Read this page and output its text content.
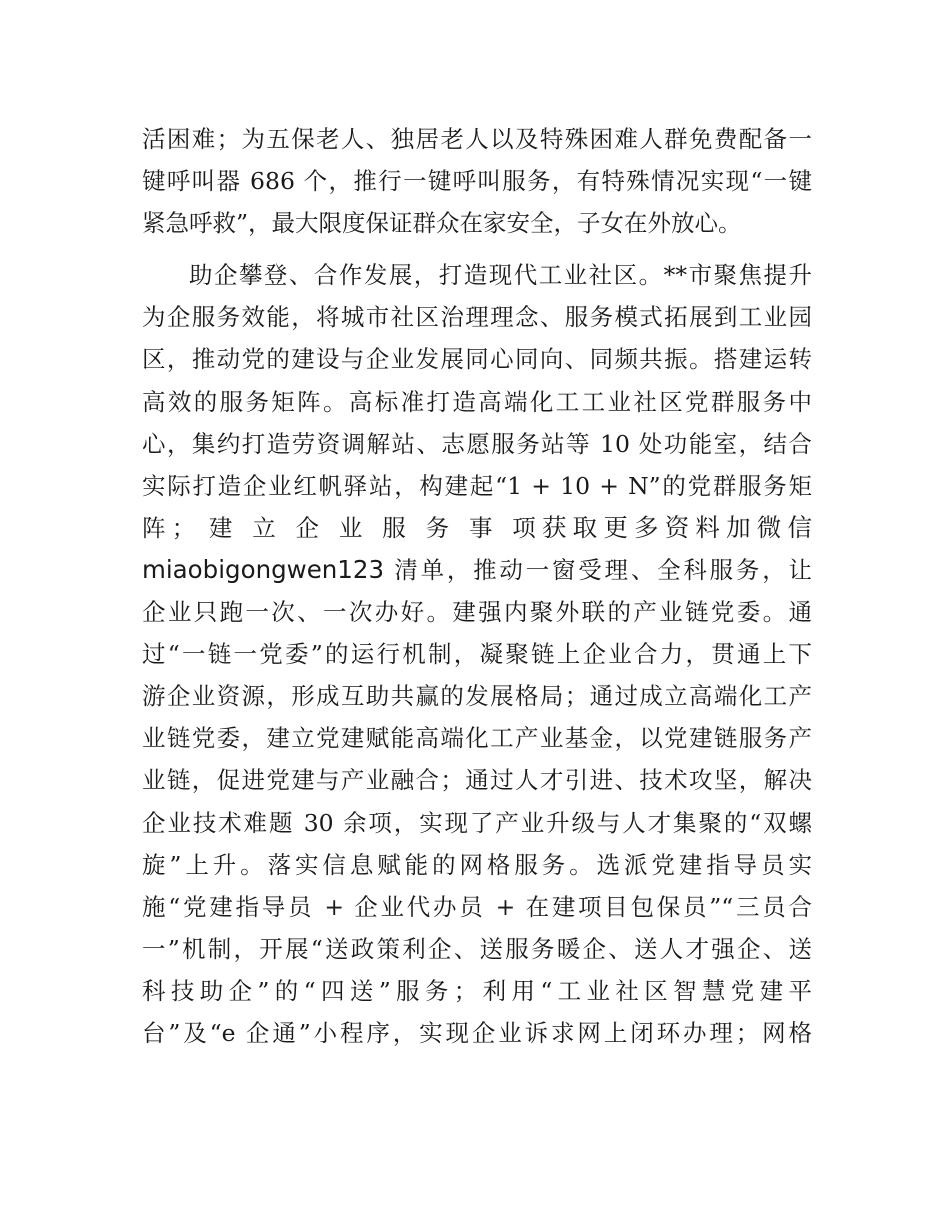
活困难；为五保老人、独居老人以及特殊困难人群免费配备一
键呼叫器 686 个，推行一键呼叫服务，有特殊情况实现“一键
紧急呼救”，最大限度保证群众在家安全，子女在外放心。
助企攀登、合作发展，打造现代工业社区。**市聚焦提升
为企服务效能，将城市社区治理理念、服务模式拓展到工业园
区，推动党的建设与企业发展同心同向、同频共振。搭建运转
高效的服务矩阵。高标准打造高端化工工业社区党群服务中
心，集约打造劳资调解站、志愿服务站等 10 处功能室，结合
实际打造企业红帆驿站，构建起“1 + 10 + N”的党群服务矩
阵； 建 立 企 业 服 务 事 项获取更多资料加微信
miaobigongwen123 清单，推动一窗受理、全科服务，让
企业只跑一次、一次办好。建强内聚外联的产业链党委。通
过“一链一党委”的运行机制，凝聚链上企业合力，贯通上下
游企业资源，形成互助共赢的发展格局；通过成立高端化工产
业链党委，建立党建赋能高端化工产业基金，以党建链服务产
业链，促进党建与产业融合；通过人才引进、技术攻坚，解决
企业技术难题 30 余项，实现了产业升级与人才集聚的“双螺
旋”上升。落实信息赋能的网格服务。选派党建指导员实
施“党建指导员 + 企业代办员 + 在建项目包保员”“三员合
一”机制，开展“送政策利企、送服务暖企、送人才强企、送
科技助企”的“四送”服务；利用“工业社区智慧党建平
台”及“e 企通”小程序，实现企业诉求网上闭环办理；网格
